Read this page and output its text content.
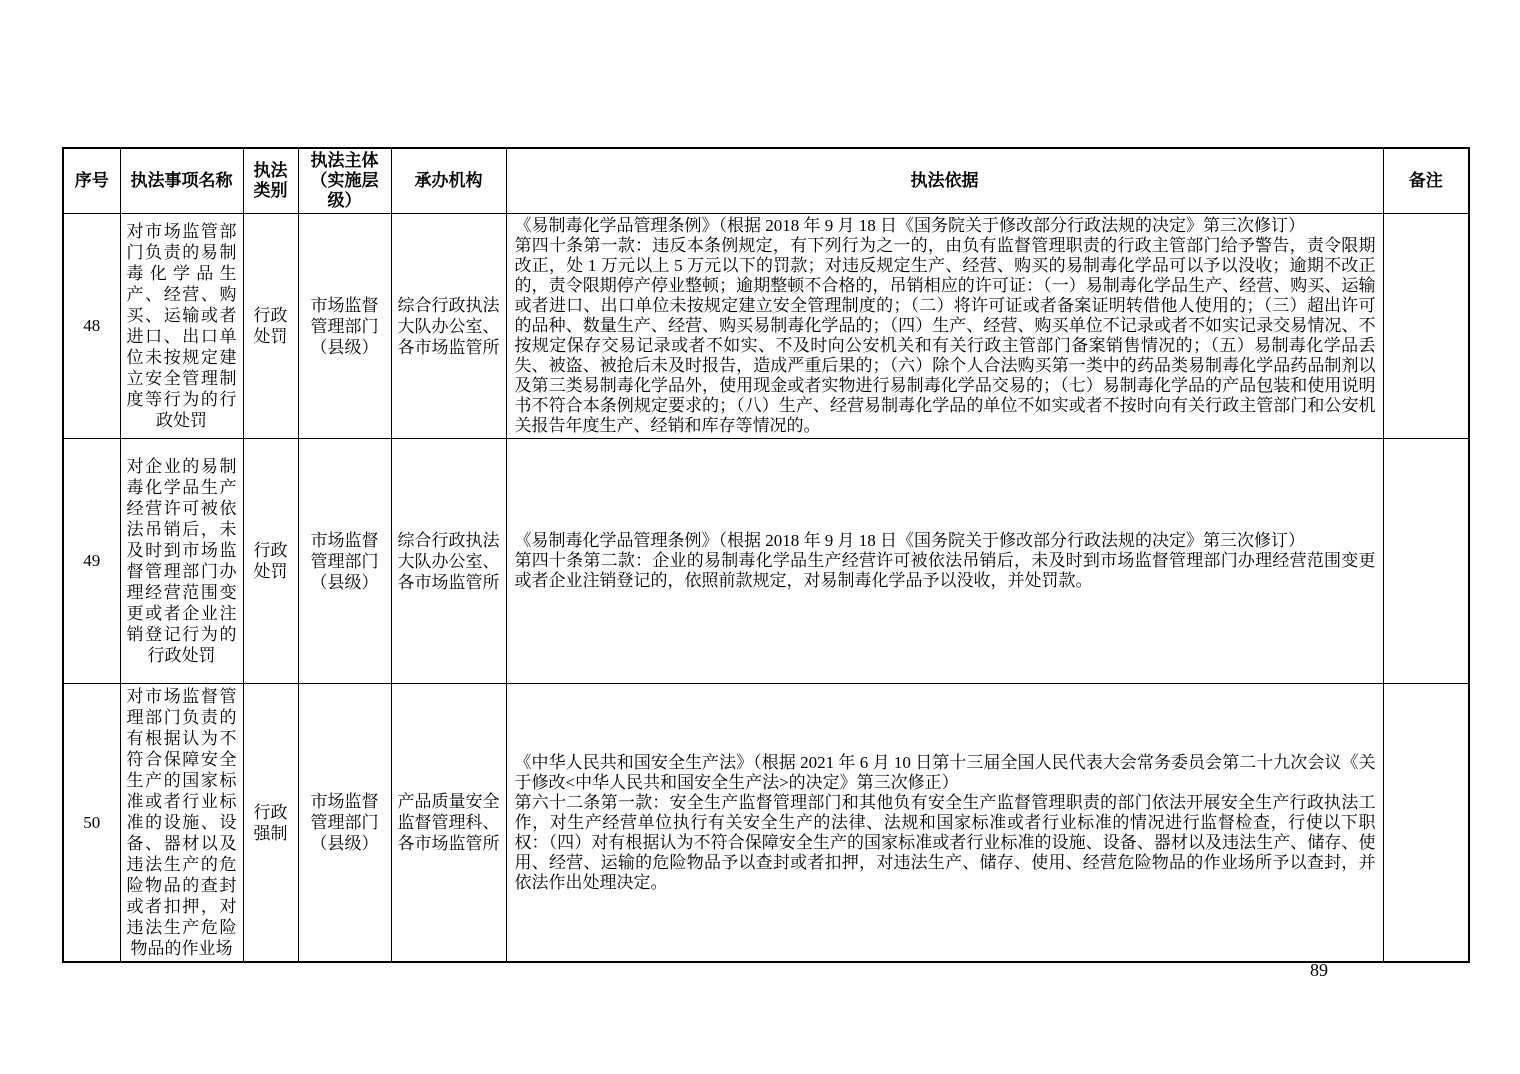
序号	执法事项名称	执法类别	执法主体（实施层级）	承办机构	执法依据	备注
48	对市场监管部门负责的易制毒化学品生产、经营、购买、运输或者进口、出口单位未按规定建立安全管理制度等行为的行政处罚	行政处罚	市场监督管理部门（县级）	综合行政执法大队办公室、各市场监管所	《易制毒化学品管理条例》（根据 2018 年 9 月 18 日《国务院关于修改部分行政法规的决定》第三次修订）

第四十条第一款：违反本条例规定，有下列行为之一的，由负有监督管理职责的行政主管部门给予警告，责令限期改正，处 1 万元以上 5 万元以下的罚款；对违反规定生产、经营、购买的易制毒化学品可以予以没收；逾期不改正的，责令限期停产停业整顿；逾期整顿不合格的，吊销相应的许可证：（一）易制毒化学品生产、经营、购买、运输或者进口、出口单位未按规定建立安全管理制度的；（二）将许可证或者备案证明转借他人使用的；（三）超出许可的品种、数量生产、经营、购买易制毒化学品的；（四）生产、经营、购买单位不记录或者不如实记录交易情况、不按规定保存交易记录或者不如实、不及时向公安机关和有关行政主管部门备案销售情况的；（五）易制毒化学品丢失、被盗、被抢后未及时报告，造成严重后果的；（六）除个人合法购买第一类中的药品类易制毒化学品药品制剂以及第三类易制毒化学品外，使用现金或者实物进行易制毒化学品交易的；（七）易制毒化学品的产品包装和使用说明书不符合本条例规定要求的；（八）生产、经营易制毒化学品的单位不如实或者不按时向有关行政主管部门和公安机关报告年度生产、经销和库存等情况的。	

49	对企业的易制毒化学品生产经营许可被依法吊销后，未及时到市场监督管理部门办理经营范围变更或者企业注销登记行为的行政处罚	行政处罚	市场监督管理部门（县级）	综合行政执法大队办公室、各市场监管所	《易制毒化学品管理条例》（根据 2018 年 9 月 18 日《国务院关于修改部分行政法规的决定》第三次修订）

第四十条第二款：企业的易制毒化学品生产经营许可被依法吊销后，未及时到市场监督管理部门办理经营范围变更或者企业注销登记的，依照前款规定，对易制毒化学品予以没收，并处罚款。	

50	对市场监督管理部门负责的有根据认为不符合保障安全生产的国家标准或者行业标准的设施、设备、器材以及违法生产的危险物品的查封或者扣押，对违法生产危险物品的作业场	行政强制	市场监督管理部门（县级）	产品质量安全监督管理科、各市场监管所	《中华人民共和国安全生产法》（根据 2021 年 6 月 10 日第十三届全国人民代表大会常务委员会第二十九次会议《关于修改<中华人民共和国安全生产法>的决定》第三次修正）

第六十二条第一款：安全生产监督管理部门和其他负有安全生产监督管理职责的部门依法开展安全生产行政执法工作，对生产经营单位执行有关安全生产的法律、法规和国家标准或者行业标准的情况进行监督检查，行使以下职权：（四）对有根据认为不符合保障安全生产的国家标准或者行业标准的设施、设备、器材以及违法生产、储存、使用、经营、运输的危险物品予以查封或者扣押，对违法生产、储存、使用、经营危险物品的作业场所予以查封，并依法作出处理决定。	

89
